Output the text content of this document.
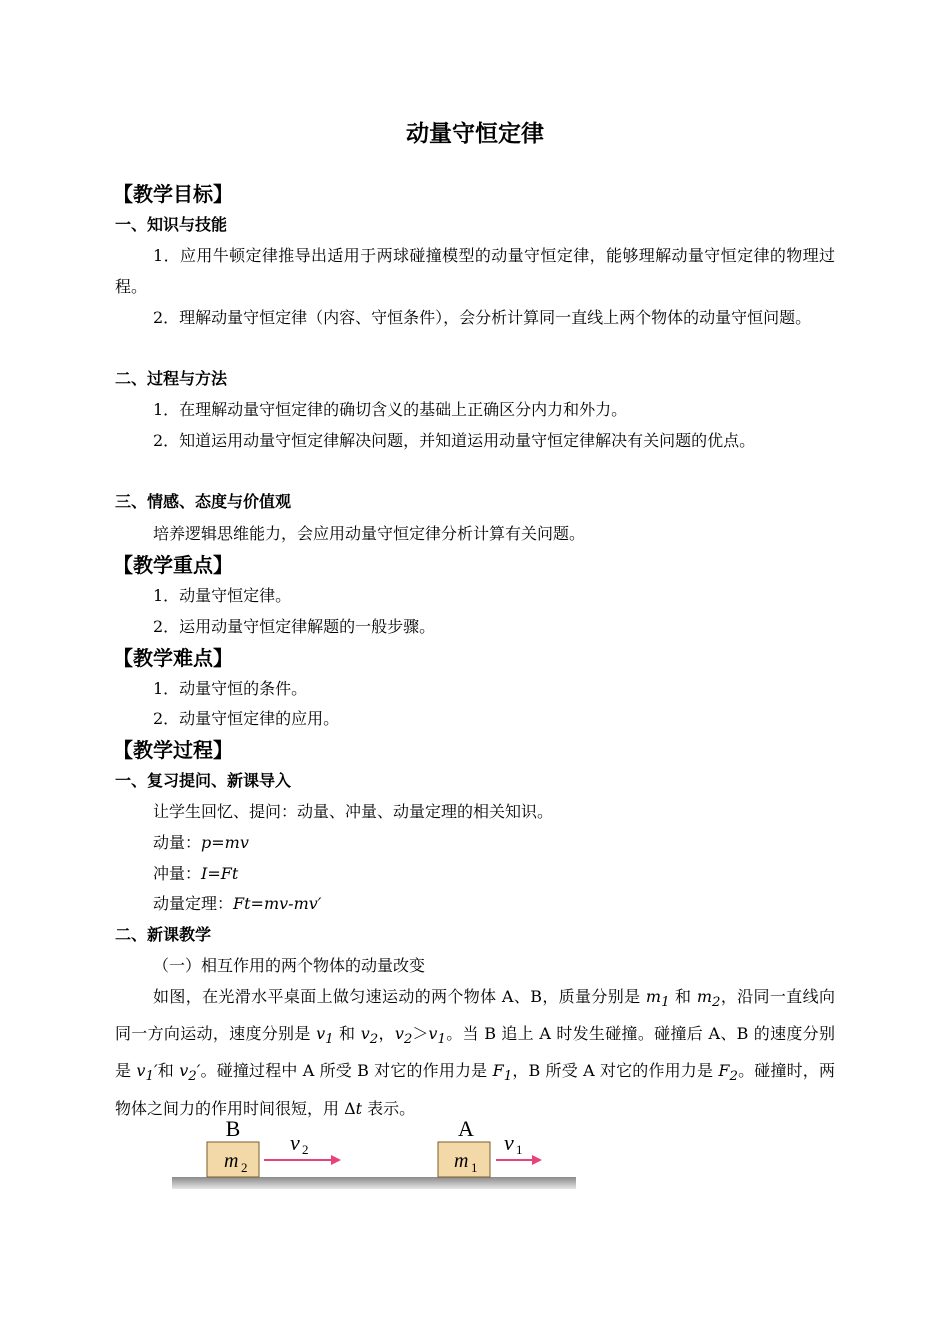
动量守恒定律
【教学目标】
一、知识与技能
1．应用牛顿定律推导出适用于两球碰撞模型的动量守恒定律，能够理解动量守恒定律的物理过程。
2．理解动量守恒定律（内容、守恒条件），会分析计算同一直线上两个物体的动量守恒问题。
二、过程与方法
1．在理解动量守恒定律的确切含义的基础上正确区分内力和外力。
2．知道运用动量守恒定律解决问题，并知道运用动量守恒定律解决有关问题的优点。
三、情感、态度与价值观
培养逻辑思维能力，会应用动量守恒定律分析计算有关问题。
【教学重点】
1．动量守恒定律。
2．运用动量守恒定律解题的一般步骤。
【教学难点】
1．动量守恒的条件。
2．动量守恒定律的应用。
【教学过程】
一、复习提问、新课导入
让学生回忆、提问：动量、冲量、动量定理的相关知识。
动量：p=mv
冲量：I=Ft
动量定理：Ft=mv-mv′
二、新课教学
（一）相互作用的两个物体的动量改变
如图，在光滑水平桌面上做匀速运动的两个物体 A、B，质量分别是 $m_1$ 和 $m_2$，沿同一直线向同一方向运动，速度分别是 $v_1$ 和 $v_2$，$v_2>v_1$。当 B 追上 A 时发生碰撞。碰撞后 A、B 的速度分别是 $v_1'$和 $v_2'$。碰撞过程中 A 所受 B 对它的作用力是 $F_1$，B 所受 A 对它的作用力是 $F_2$。碰撞时，两物体之间力的作用时间很短，用 Δt 表示。
B
m 2
v 2
A
m 1
v 1
